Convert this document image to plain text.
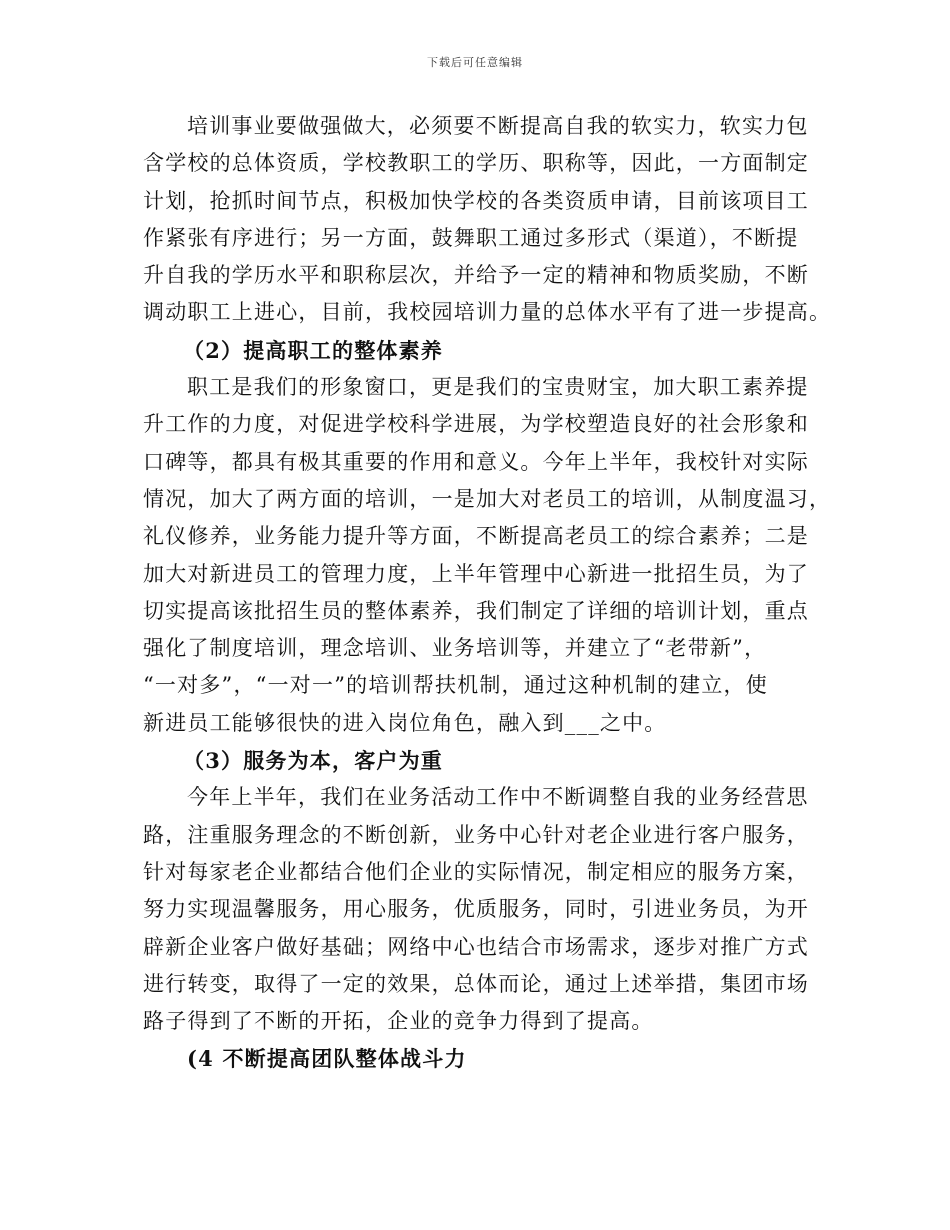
下载后可任意编辑
培训事业要做强做大，必须要不断提高自我的软实力，软实力包
含学校的总体资质，学校教职工的学历、职称等，因此，一方面制定
计划，抢抓时间节点，积极加快学校的各类资质申请，目前该项目工
作紧张有序进行；另一方面，鼓舞职工通过多形式（渠道），不断提
升自我的学历水平和职称层次，并给予一定的精神和物质奖励，不断
调动职工上进心，目前，我校园培训力量的总体水平有了进一步提高。
（2）提高职工的整体素养
职工是我们的形象窗口，更是我们的宝贵财宝，加大职工素养提
升工作的力度，对促进学校科学进展，为学校塑造良好的社会形象和
口碑等，都具有极其重要的作用和意义。今年上半年，我校针对实际
情况，加大了两方面的培训，一是加大对老员工的培训，从制度温习，
礼仪修养，业务能力提升等方面，不断提高老员工的综合素养；二是
加大对新进员工的管理力度，上半年管理中心新进一批招生员，为了
切实提高该批招生员的整体素养，我们制定了详细的培训计划，重点
强化了制度培训，理念培训、业务培训等，并建立了“老带新”，
“一对多”，“一对一”的培训帮扶机制，通过这种机制的建立，使
新进员工能够很快的进入岗位角色，融入到___之中。
（3）服务为本，客户为重
今年上半年，我们在业务活动工作中不断调整自我的业务经营思
路，注重服务理念的不断创新，业务中心针对老企业进行客户服务，
针对每家老企业都结合他们企业的实际情况，制定相应的服务方案，
努力实现温馨服务，用心服务，优质服务，同时，引进业务员，为开
辟新企业客户做好基础；网络中心也结合市场需求，逐步对推广方式
进行转变，取得了一定的效果，总体而论，通过上述举措，集团市场
路子得到了不断的开拓，企业的竞争力得到了提高。
(4 不断提高团队整体战斗力
